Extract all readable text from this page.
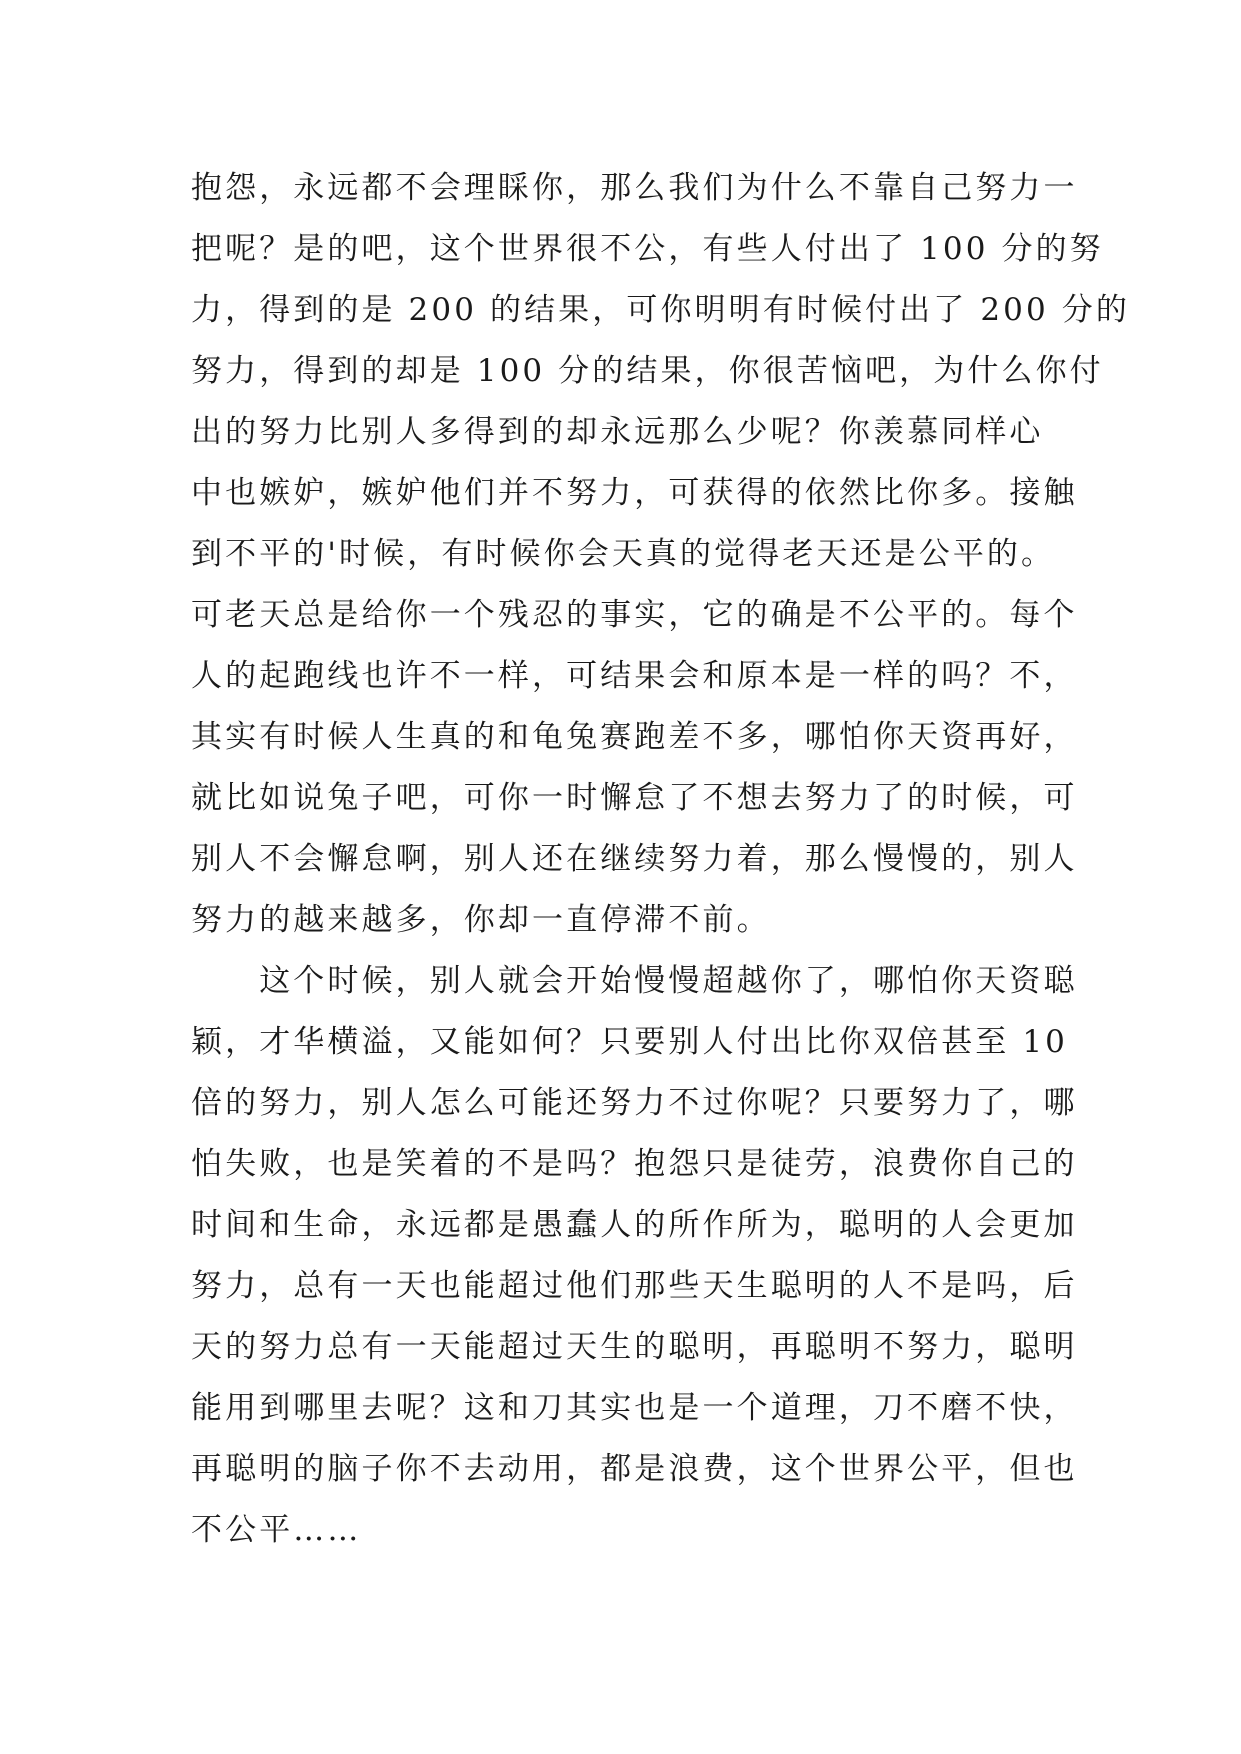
抱怨，永远都不会理睬你，那么我们为什么不靠自己努力一
把呢？是的吧，这个世界很不公，有些人付出了 100 分的努
力，得到的是 200 的结果，可你明明有时候付出了 200 分的
努力，得到的却是 100 分的结果，你很苦恼吧，为什么你付
出的努力比别人多得到的却永远那么少呢？你羡慕同样心
中也嫉妒，嫉妒他们并不努力，可获得的依然比你多。接触
到不平的'时候，有时候你会天真的觉得老天还是公平的。
可老天总是给你一个残忍的事实，它的确是不公平的。每个
人的起跑线也许不一样，可结果会和原本是一样的吗？不，
其实有时候人生真的和龟兔赛跑差不多，哪怕你天资再好，
就比如说兔子吧，可你一时懈怠了不想去努力了的时候，可
别人不会懈怠啊，别人还在继续努力着，那么慢慢的，别人
努力的越来越多，你却一直停滞不前。
　　这个时候，别人就会开始慢慢超越你了，哪怕你天资聪
颖，才华横溢，又能如何？只要别人付出比你双倍甚至 10
倍的努力，别人怎么可能还努力不过你呢？只要努力了，哪
怕失败，也是笑着的不是吗？抱怨只是徒劳，浪费你自己的
时间和生命，永远都是愚蠢人的所作所为，聪明的人会更加
努力，总有一天也能超过他们那些天生聪明的人不是吗，后
天的努力总有一天能超过天生的聪明，再聪明不努力，聪明
能用到哪里去呢？这和刀其实也是一个道理，刀不磨不快，
再聪明的脑子你不去动用，都是浪费，这个世界公平，但也
不公平……
